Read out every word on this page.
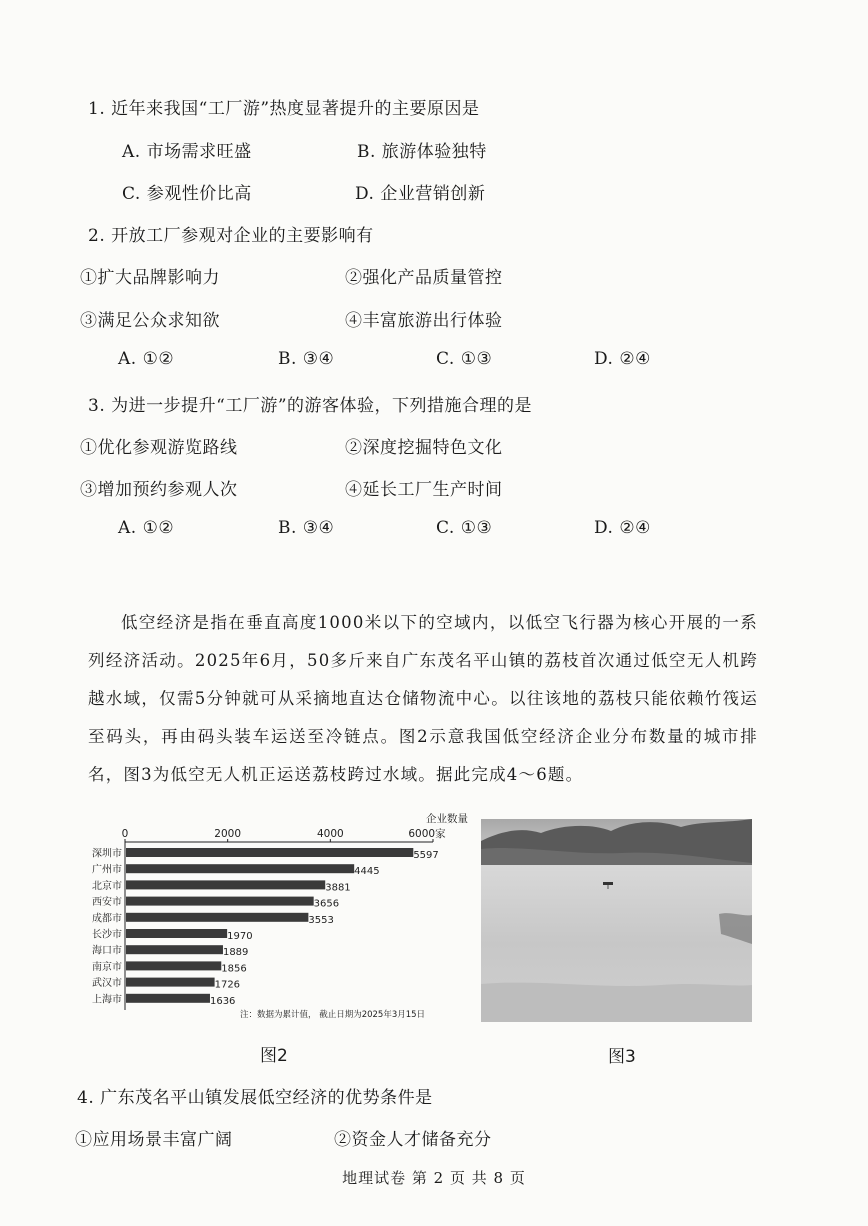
1. 近年来我国“工厂游”热度显著提升的主要原因是
A. 市场需求旺盛	B. 旅游体验独特
C. 参观性价比高	D. 企业营销创新
2. 开放工厂参观对企业的主要影响有
①扩大品牌影响力	②强化产品质量管控
③满足公众求知欲	④丰富旅游出行体验
A. ①②	B. ③④	C. ①③	D. ②④
3. 为进一步提升“工厂游”的游客体验，下列措施合理的是
①优化参观游览路线	②深度挖掘特色文化
③增加预约参观人次	④延长工厂生产时间
A. ①②	B. ③④	C. ①③	D. ②④

低空经济是指在垂直高度1000米以下的空域内，以低空飞行器为核心开展的一系列经济活动。2025年6月，50多斤来自广东茂名平山镇的荔枝首次通过低空无人机跨越水域，仅需5分钟就可从采摘地直达仓储物流中心。以往该地的荔枝只能依赖竹筏运至码头，再由码头装车运送至冷链点。图2示意我国低空经济企业分布数量的城市排名，图3为低空无人机正运送荔枝跨过水域。据此完成4～6题。

企业数量
0	2000	4000	6000家
深圳市	5597
广州市	4445
北京市	3881
西安市	3656
成都市	3553
长沙市	1970
海口市	1889
南京市	1856
武汉市	1726
上海市	1636
注：数据为累计值， 截止日期为2025年3月15日
图2	图3
4. 广东茂名平山镇发展低空经济的优势条件是
①应用场景丰富广阔	②资金人才储备充分
地理试卷 第 2 页 共 8 页
